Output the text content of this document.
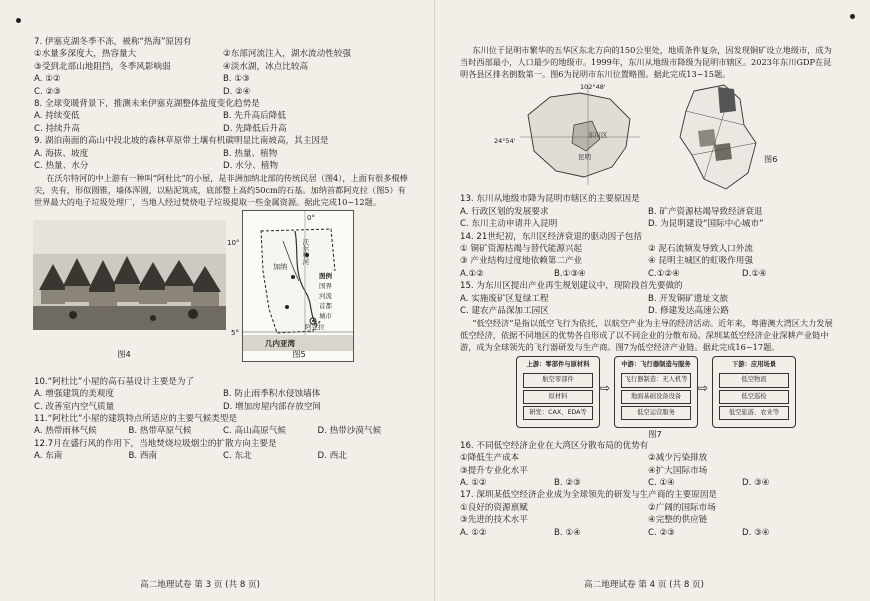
7. 伊塞克湖冬季不冻，被称“热海”原因有
①水量多深度大，热容量大	②东部河流注入，湖水流动性较强
③受到北部山地阻挡，冬季风影响弱	④淡水湖，冰点比较高
A. ①②	B. ①③
C. ②③	D. ②④
8. 全球变暖背景下，推测未来伊塞克湖整体盐度变化趋势是
A. 持续变低	B. 先升高后降低
C. 持续升高	D. 先降低后升高
9. 湖泊南面的高山中段北坡的森林草原带土壤有机碳明显比南坡高，其主因是
A. 海拔、坡度	B. 热量、植物
C. 热量、水分	D. 水分、植物
在沃尔特河的中上游有一种叫“阿杜比”的小屋，是非洲加纳北部的传统民居（图4），上面有很多棍棒尖，夹有，形似圆锥，墙体浑圆，以粘泥筑成，底部整上高约50cm的石基。加纳首都阿克拉（图5）有世界最大的电子垃圾处理厂，当地人经过焚烧电子垃圾提取一些金属资源。据此完成10~12题。
图4
0°
10°
5°
几内亚湾
阿克拉
加纳
沃尔特河
图例
国界
河流
首都
城市
图5
10.“阿杜比”小屋的高石基设计主要是为了
A. 增强建筑的美观度	B. 防止雨季积水侵蚀墙体
C. 改善室内空气质量	D. 增加房屋内部存放空间
11.“阿杜比”小屋的建筑特点所适应的主要气候类型是
A. 热带雨林气候	B. 热带草原气候	C. 高山高原气候	D. 热带沙漠气候
12.7月在盛行风的作用下，当地焚烧垃圾烟尘的扩散方向主要是
A. 东南	B. 西南	C. 东北	D. 西北
东川位于昆明市繁华的五华区东北方向的150公里处，地质条件复杂，因发现铜矿设立地级市，成为当时西部最小，人口最少的地级市。1999年，东川从地级市降级为昆明市辖区。2023年东川GDP在昆明各县区排名倒数第一。图6为昆明市东川位置略图。据此完成13~15题。
102°48'
24°54'
东川区
昆明	图6
13. 东川从地级市降为昆明市辖区的主要原因是
A. 行政区划的发展要求	B. 矿产资源枯竭导致经济衰退
C. 东川主动申请并入昆明	D. 为昆明建设“国际中心城市”
14. 21世纪初，东川区经济衰退的驱动因子包括
① 铜矿资源枯竭与替代能源兴起	② 泥石流频发导致人口外流
③ 产业结构过度地依赖第二产业	④ 昆明主城区的虹吸作用强
A.①②	B.①③④	C.①②④	D.①④
15. 为东川区提出产业再生规划建议中，现阶段首先要做的
A. 实施废矿区复绿工程	B. 开发铜矿遗址文旅
C. 建农产品深加工园区	D. 修建发达高速公路
“低空经济”是指以低空飞行为依托，以航空产业为主导的经济活动。近年来，粤港澳大湾区大力发展低空经济，依据不同地区的优势各自形成了以不同企业的分散布局。深圳某低空经济企业深耕产业链中游，成为全球领先的飞行器研发与生产商。图7为低空经济产业链。据此完成16~17题。
上游：零部件与原材料
航空零部件
原材料
研发：CAX、EDA等
⇨
中游：飞行器制造与服务
飞行器制造：无人机等
地面基础设备设备
低空运营服务
⇨
下游：应用场景
低空物流
低空巡检
低空旅游、农业等
图7
16. 不同低空经济企业在大湾区分散布局的优势有
①降低生产成本	②减少污染排放
③提升专业化水平	④扩大国际市场
A. ①②	B. ②③	C. ①④	D. ③④
17. 深圳某低空经济企业成为全球领先的研发与生产商的主要原因是
①良好的资源禀赋	②广阔的国际市场
③先进的技术水平	④完整的供应链
A. ①②	B. ①④	C. ②③	D. ③④
高二地理试卷 第 3 页 (共 8 页)	高二地理试卷 第 4 页 (共 8 页)
